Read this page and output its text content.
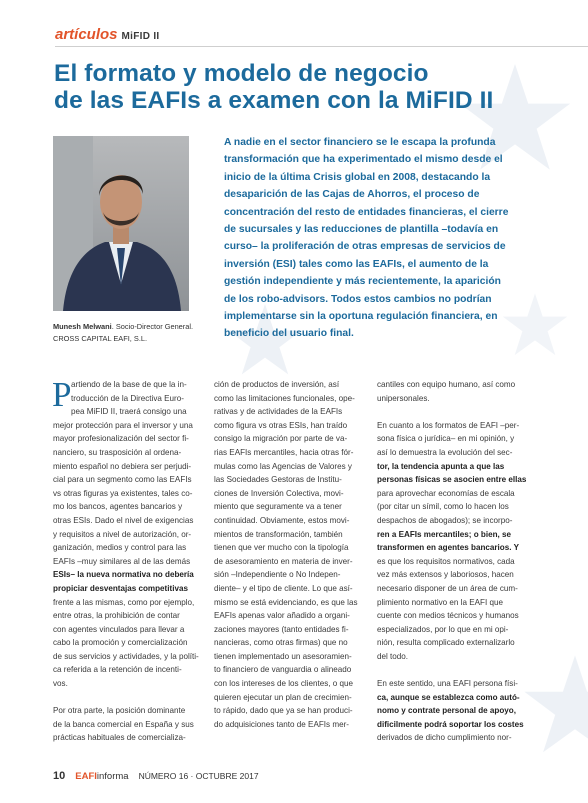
artículos MiFID II
El formato y modelo de negocio
de las EAFIs a examen con la MiFID II
Munesh Melwani. Socio-Director General.
CROSS CAPITAL EAFI, S.L.
A nadie en el sector financiero se le escapa la profunda
transformación que ha experimentado el mismo desde el
inicio de la última Crisis global en 2008, destacando la
desaparición de las Cajas de Ahorros, el proceso de
concentración del resto de entidades financieras, el cierre
de sucursales y las reducciones de plantilla –todavía en
curso– la proliferación de otras empresas de servicios de
inversión (ESI) tales como las EAFIs, el aumento de la
gestión independiente y más recientemente, la aparición
de los robo-advisors. Todos estos cambios no podrían
implementarse sin la oportuna regulación financiera, en
beneficio del usuario final.
P artiendo de la base de que la in-
troducción de la Directiva Euro-
pea MiFID II, traerá consigo una
mejor protección para el inversor y una
mayor profesionalización del sector fi-
nanciero, su trasposición al ordena-
miento español no debiera ser perjudi-
cial para un segmento como las EAFIs
vs otras figuras ya existentes, tales co-
mo los bancos, agentes bancarios y
otras ESIs. Dado el nivel de exigencias
y requisitos a nivel de autorización, or-
ganización, medios y control para las
EAFIs –muy similares al de las demás
ESIs– la nueva normativa no debería
propiciar desventajas competitivas
frente a las mismas, como por ejemplo,
entre otras, la prohibición de contar
con agentes vinculados para llevar a
cabo la promoción y comercialización
de sus servicios y actividades, y la políti-
ca referida a la retención de incenti-
vos.
Por otra parte, la posición dominante
de la banca comercial en España y sus
prácticas habituales de comercializa-
ción de productos de inversión, así
como las limitaciones funcionales, ope-
rativas y de actividades de la EAFIs
como figura vs otras ESIs, han traído
consigo la migración por parte de va-
rias EAFIs mercantiles, hacia otras fór-
mulas como las Agencias de Valores y
las Sociedades Gestoras de Institu-
ciones de Inversión Colectiva, movi-
miento que seguramente va a tener
continuidad. Obviamente, estos movi-
mientos de transformación, también
tienen que ver mucho con la tipología
de asesoramiento en materia de inver-
sión –Independiente o No Indepen-
diente– y el tipo de cliente. Lo que así-
mismo se está evidenciando, es que las
EAFIs apenas valor añadido a organi-
zaciones mayores (tanto entidades fi-
nancieras, como otras firmas) que no
tienen implementado un asesoramien-
to financiero de vanguardia o alineado
con los intereses de los clientes, o que
quieren ejecutar un plan de crecimien-
to rápido, dado que ya se han produci-
do adquisiciones tanto de EAFIs mer-
cantiles con equipo humano, así como
unipersonales.
En cuanto a los formatos de EAFI –per-
sona física o jurídica– en mi opinión, y
así lo demuestra la evolución del sec-
tor, la tendencia apunta a que las
personas físicas se asocien entre ellas
para aprovechar economías de escala
(por citar un símil, como lo hacen los
despachos de abogados); se incorpo-
ren a EAFIs mercantiles; o bien, se
transformen en agentes bancarios. Y
es que los requisitos normativos, cada
vez más extensos y laboriosos, hacen
necesario disponer de un área de cum-
plimiento normativo en la EAFI que
cuente con medios técnicos y humanos
especializados, por lo que en mi opi-
nión, resulta complicado externalizarlo
del todo.
En este sentido, una EAFI persona físi-
ca, aunque se establezca como autó-
nomo y contrate personal de apoyo,
dificilmente podrá soportar los costes
derivados de dicho cumplimiento nor-
10 EAFIinforma NÚMERO 16 · OCTUBRE 2017
